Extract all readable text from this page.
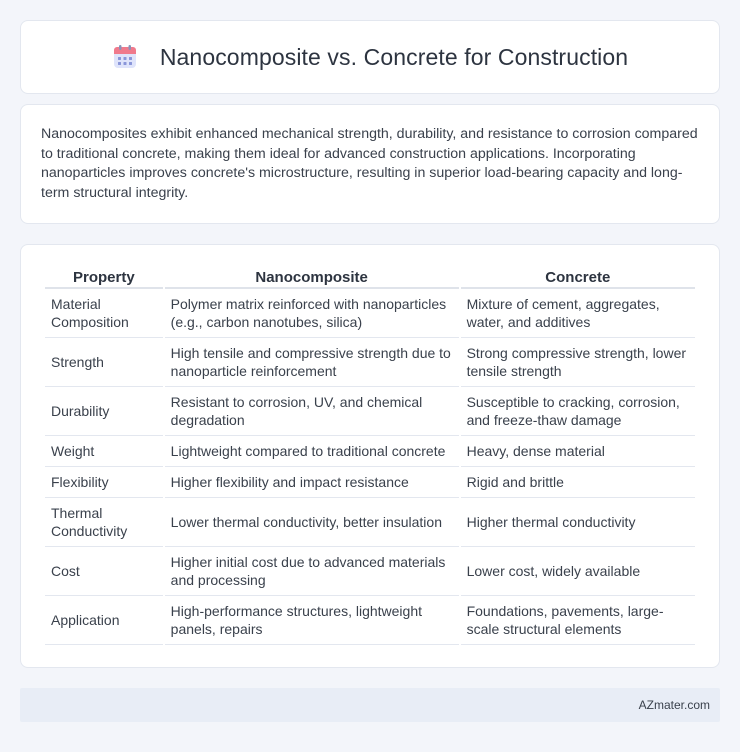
Nanocomposite vs. Concrete for Construction

Nanocomposites exhibit enhanced mechanical strength, durability, and resistance to corrosion compared to traditional concrete, making them ideal for advanced construction applications. Incorporating nanoparticles improves concrete's microstructure, resulting in superior load-bearing capacity and long-term structural integrity.

Property	Nanocomposite	Concrete
Material Composition	Polymer matrix reinforced with nanoparticles (e.g., carbon nanotubes, silica)	Mixture of cement, aggregates, water, and additives
Strength	High tensile and compressive strength due to nanoparticle reinforcement	Strong compressive strength, lower tensile strength
Durability	Resistant to corrosion, UV, and chemical degradation	Susceptible to cracking, corrosion, and freeze-thaw damage
Weight	Lightweight compared to traditional concrete	Heavy, dense material
Flexibility	Higher flexibility and impact resistance	Rigid and brittle
Thermal Conductivity	Lower thermal conductivity, better insulation	Higher thermal conductivity
Cost	Higher initial cost due to advanced materials and processing	Lower cost, widely available
Application	High-performance structures, lightweight panels, repairs	Foundations, pavements, large-scale structural elements
AZmater.com
